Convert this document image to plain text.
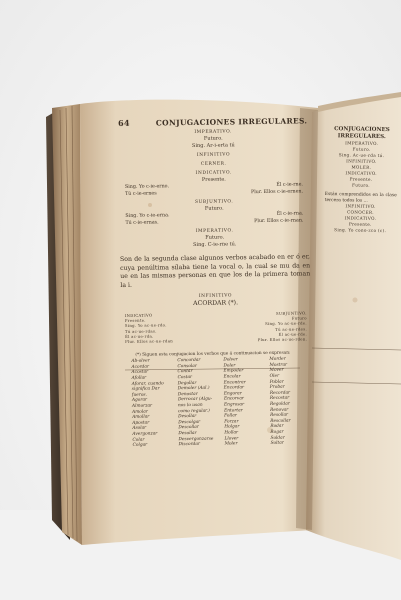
64	CONJUGACIONES IRREGULARES.
IMPERATIVO.
Futuro.
Sing. Ar-i-erta tú
INFINITIVO
CERNER.
INDICATIVO.
Presente.
Sing. Yo c-ie-erno.	Él c-ie-rne.
Tú c-ie-ernes	Plur. Ellos c-ie-ernen.
SUBJUNTIVO.
Futuro.
Sing. Yo c-ie-erna.	Él c-ie-rna.
Tú c-ie-ernas.	Plur. Ellos c-ie-rnan.
IMPERATIVO.
Futuro.
Sing. C-ie-rne tú.
Son de la segunda clase algunos verbos acabado en er ó er, cuya penúltima sílaba tiene la vocal o, la cual se mu da en ue en las mismas personas en que los de la primera toman la i.
INFINITIVO
ACORDAR (*).
INDICATIVO	SUBJUNTIVO.
Presente.	Futuro
Sing. Yo ac-ue-rdo.	Sing. Yo ac-ue-rde.
Tú ac-ue-rdas.	Tú ac-ue-rdes.
Él ac-ue-rda.	Él ac-ue-rde.
Plur. Ellos ac-ue-rdan	Plur. Ellos ac-ue-rden.
(*) Siguen esta conjugacion los verbos que á continuacion se expresan:
Ab-olver
Acordar
Acostar
Afollar
Aforar, cuando
significa Dar
fueros.
Agorar
Almorzar
Amolar
Amollar
Apostar
Asolar
Avergonzar
Colar
Colgar
Concordar
Consolar
Contar
Costar
Degollar
Demoler (Aal.)
Denostar
Derrocar (Algu-
nos lo usan
como regular.)
Desollar
Descolgar
Descollar
Desollar
Desvergonzarse
Discordar
Dolver
Doler
Empoder
Encolar
Encontrar
Encordar
Engorar
Encorvar
Engrosar
Entortar
Follar
Forzar
Holgar
Hollar
Llover
Moler
Morder
Mostrar
Mover
Oler
Poblar
Probar
Recordar
Recostar
Regoldar
Renovar
Resollar
Rescollar
Rodar
Rogar
Soldar
Soltar
CONJUGACIONES IRREGULARES.
IMPERATIVO.
Futuro.
Sing. Ac-ue-rda tú.
INFINITIVO.
MOLER.
INDICATIVO.
Presente.
Futuro.
Están comprendidos en la clase tercera todos los ...
INFINITIVO.
CONOCER.
INDICATIVO.
Presente.
Sing. Yo cono-zco (c).
